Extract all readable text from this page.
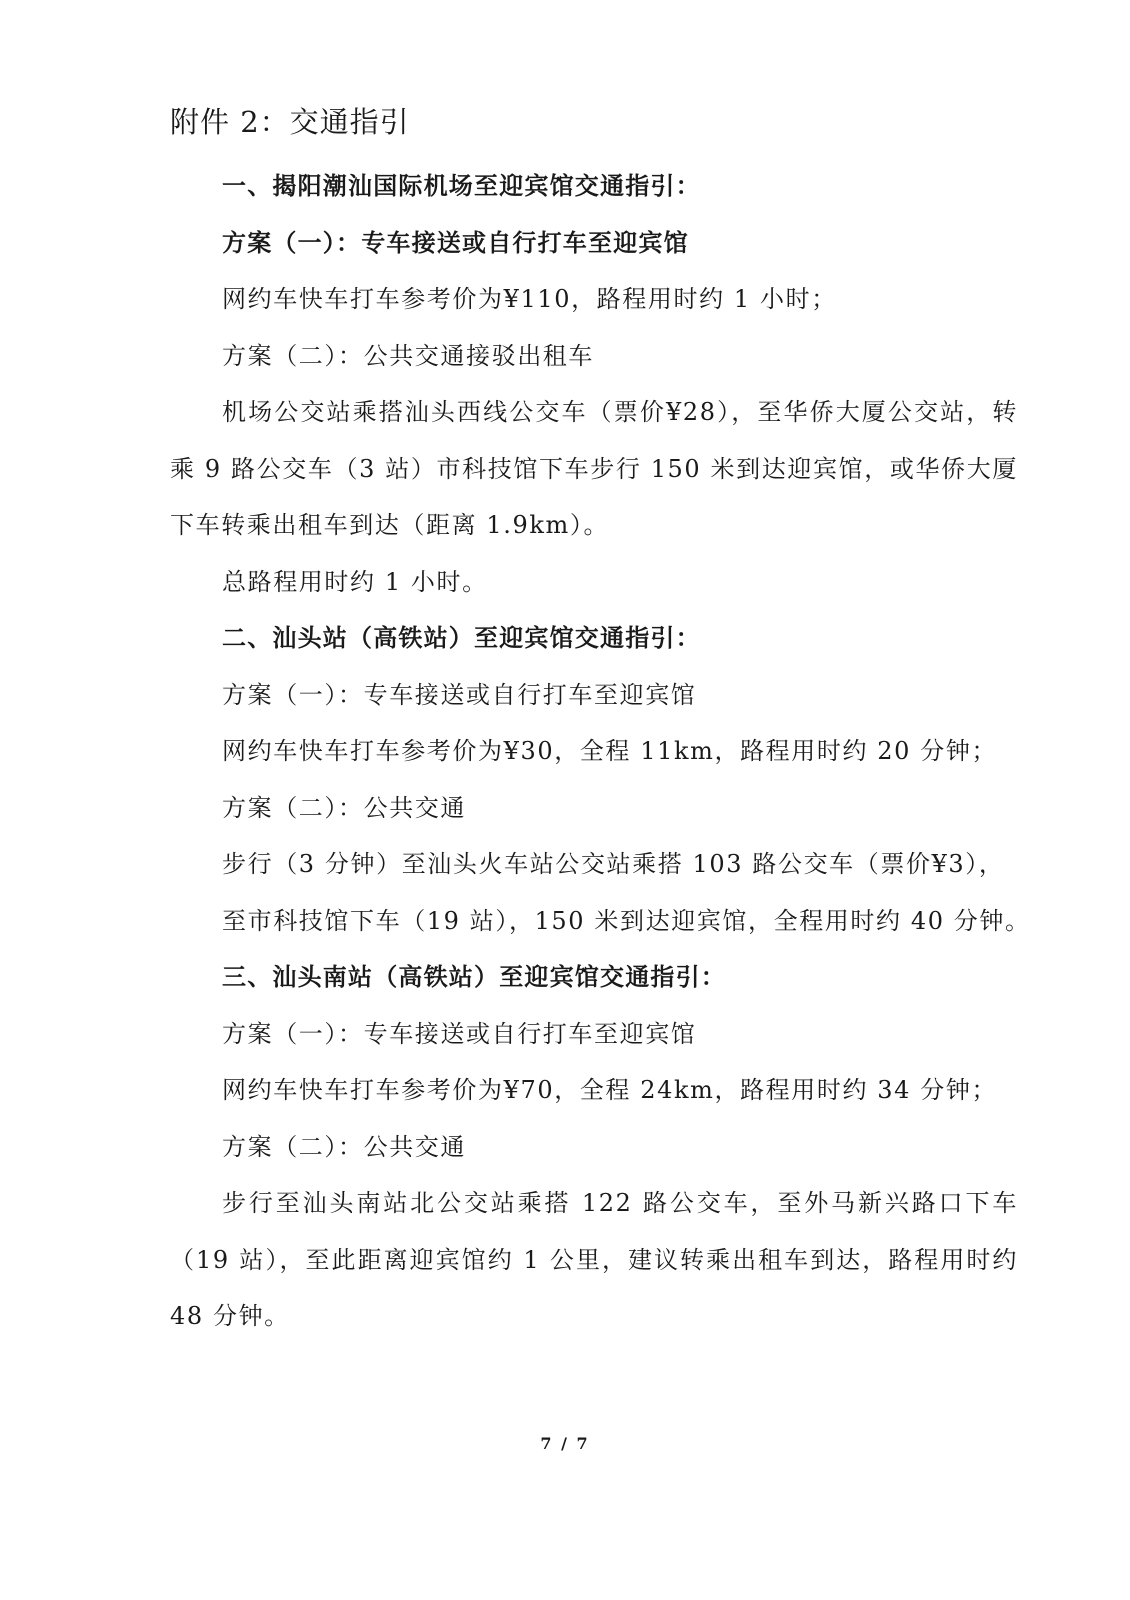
附件 2：交通指引

一、揭阳潮汕国际机场至迎宾馆交通指引：

方案（一）：专车接送或自行打车至迎宾馆

网约车快车打车参考价为¥110，路程用时约 1 小时；

方案（二）：公共交通接驳出租车

机场公交站乘搭汕头西线公交车（票价¥28），至华侨大厦公交站，转乘 9 路公交车（3 站）市科技馆下车步行 150 米到达迎宾馆，或华侨大厦下车转乘出租车到达（距离 1.9km）。

总路程用时约 1 小时。

二、汕头站（高铁站）至迎宾馆交通指引：

方案（一）：专车接送或自行打车至迎宾馆

网约车快车打车参考价为¥30，全程 11km，路程用时约 20 分钟；

方案（二）：公共交通

步行（3 分钟）至汕头火车站公交站乘搭 103 路公交车（票价¥3），

至市科技馆下车（19 站），150 米到达迎宾馆，全程用时约 40 分钟。

三、汕头南站（高铁站）至迎宾馆交通指引：

方案（一）：专车接送或自行打车至迎宾馆

网约车快车打车参考价为¥70，全程 24km，路程用时约 34 分钟；

方案（二）：公共交通

步行至汕头南站北公交站乘搭 122 路公交车，至外马新兴路口下车（19 站），至此距离迎宾馆约 1 公里，建议转乘出租车到达，路程用时约 48 分钟。

7 / 7
